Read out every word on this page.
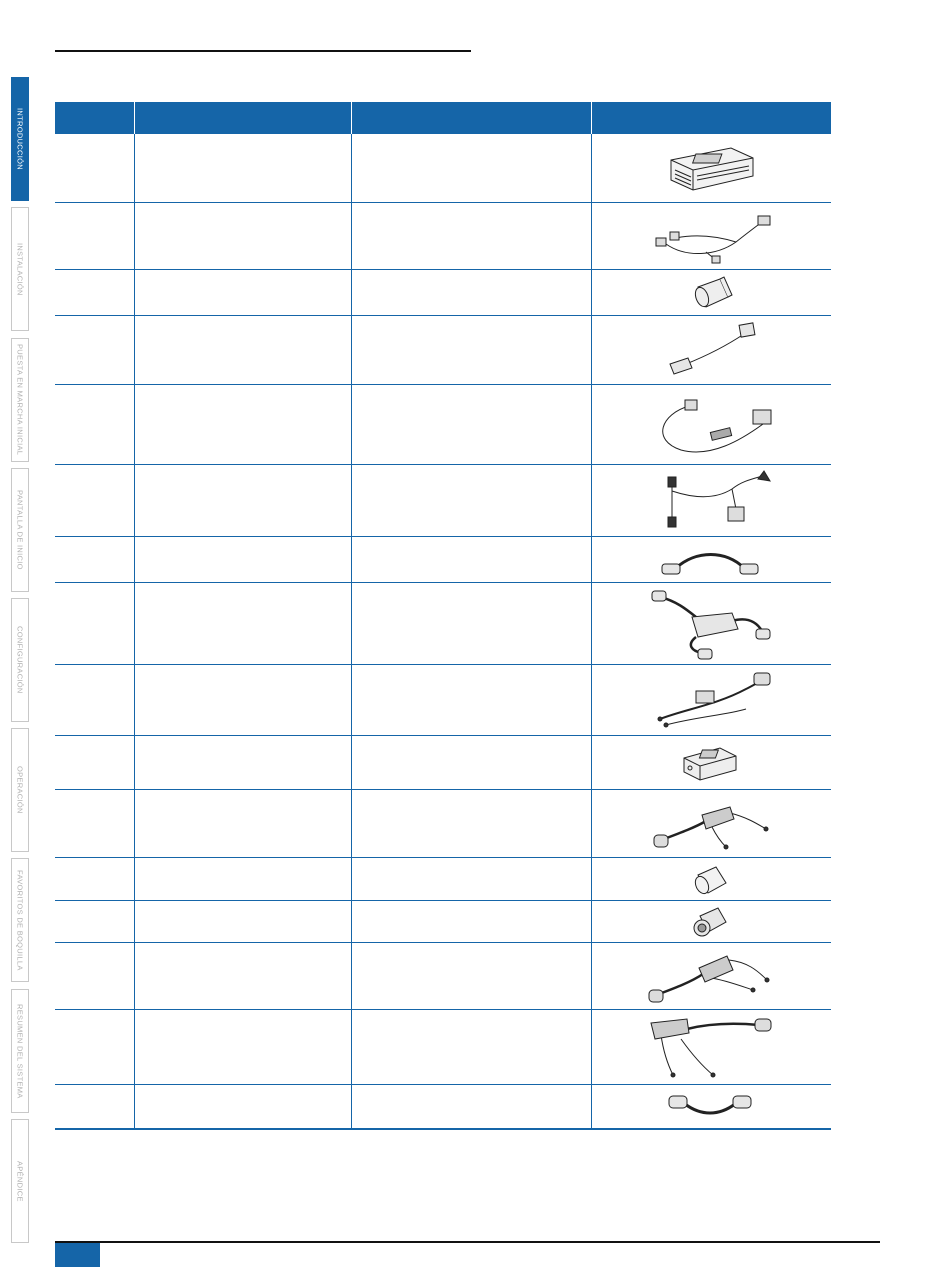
INTRODUCCIÓN
INSTALACIÓN
PUESTA EN MARCHA INICIAL
PANTALLA DE INICIO
CONFIGURACIÓN
OPERACIÓN
FAVORITOS DE BOQUILLA
RESUMEN DEL SISTEMA
APÉNDICE
